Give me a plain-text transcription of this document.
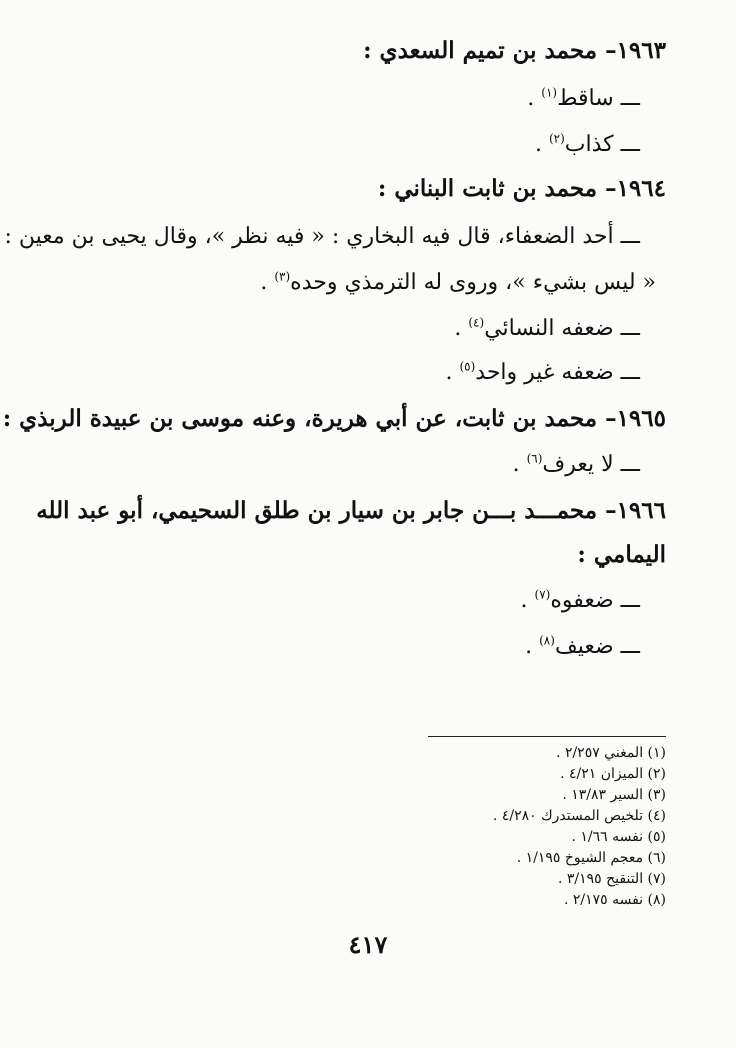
١٩٦٣– محمد بن تميم السعدي :
ـــ ساقط$^{(١)}$ .
ـــ كذاب$^{(٢)}$ .
١٩٦٤– محمد بن ثابت البناني :
ـــ أحد الضعفاء، قال فيه البخاري : « فيه نظر »، وقال يحيى بن معين :
« ليس بشيء »، وروى له الترمذي وحده$^{(٣)}$ .
ـــ ضعفه النسائي$^{(٤)}$ .
ـــ ضعفه غير واحد$^{(٥)}$ .
١٩٦٥– محمد بن ثابت، عن أبي هريرة، وعنه موسى بن عبيدة الربذي :
ـــ لا يعرف$^{(٦)}$ .
١٩٦٦– محمـــد بـــن جابر بن سيار بن طلق السحيمي، أبو عبد الله
اليمامي :
ـــ ضعفوه$^{(٧)}$ .
ـــ ضعيف$^{(٨)}$ .
(١) المغني ٢/٢٥٧ .
(٢) الميزان ٤/٢١ .
(٣) السير ١٣/٨٣ .
(٤) تلخيص المستدرك ٤/٢٨٠ .
(٥) نفسه ١/٦٦ .
(٦) معجم الشيوخ ١/١٩٥ .
(٧) التنقيح ٣/١٩٥ .
(٨) نفسه ٢/١٧٥ .
٤١٧
